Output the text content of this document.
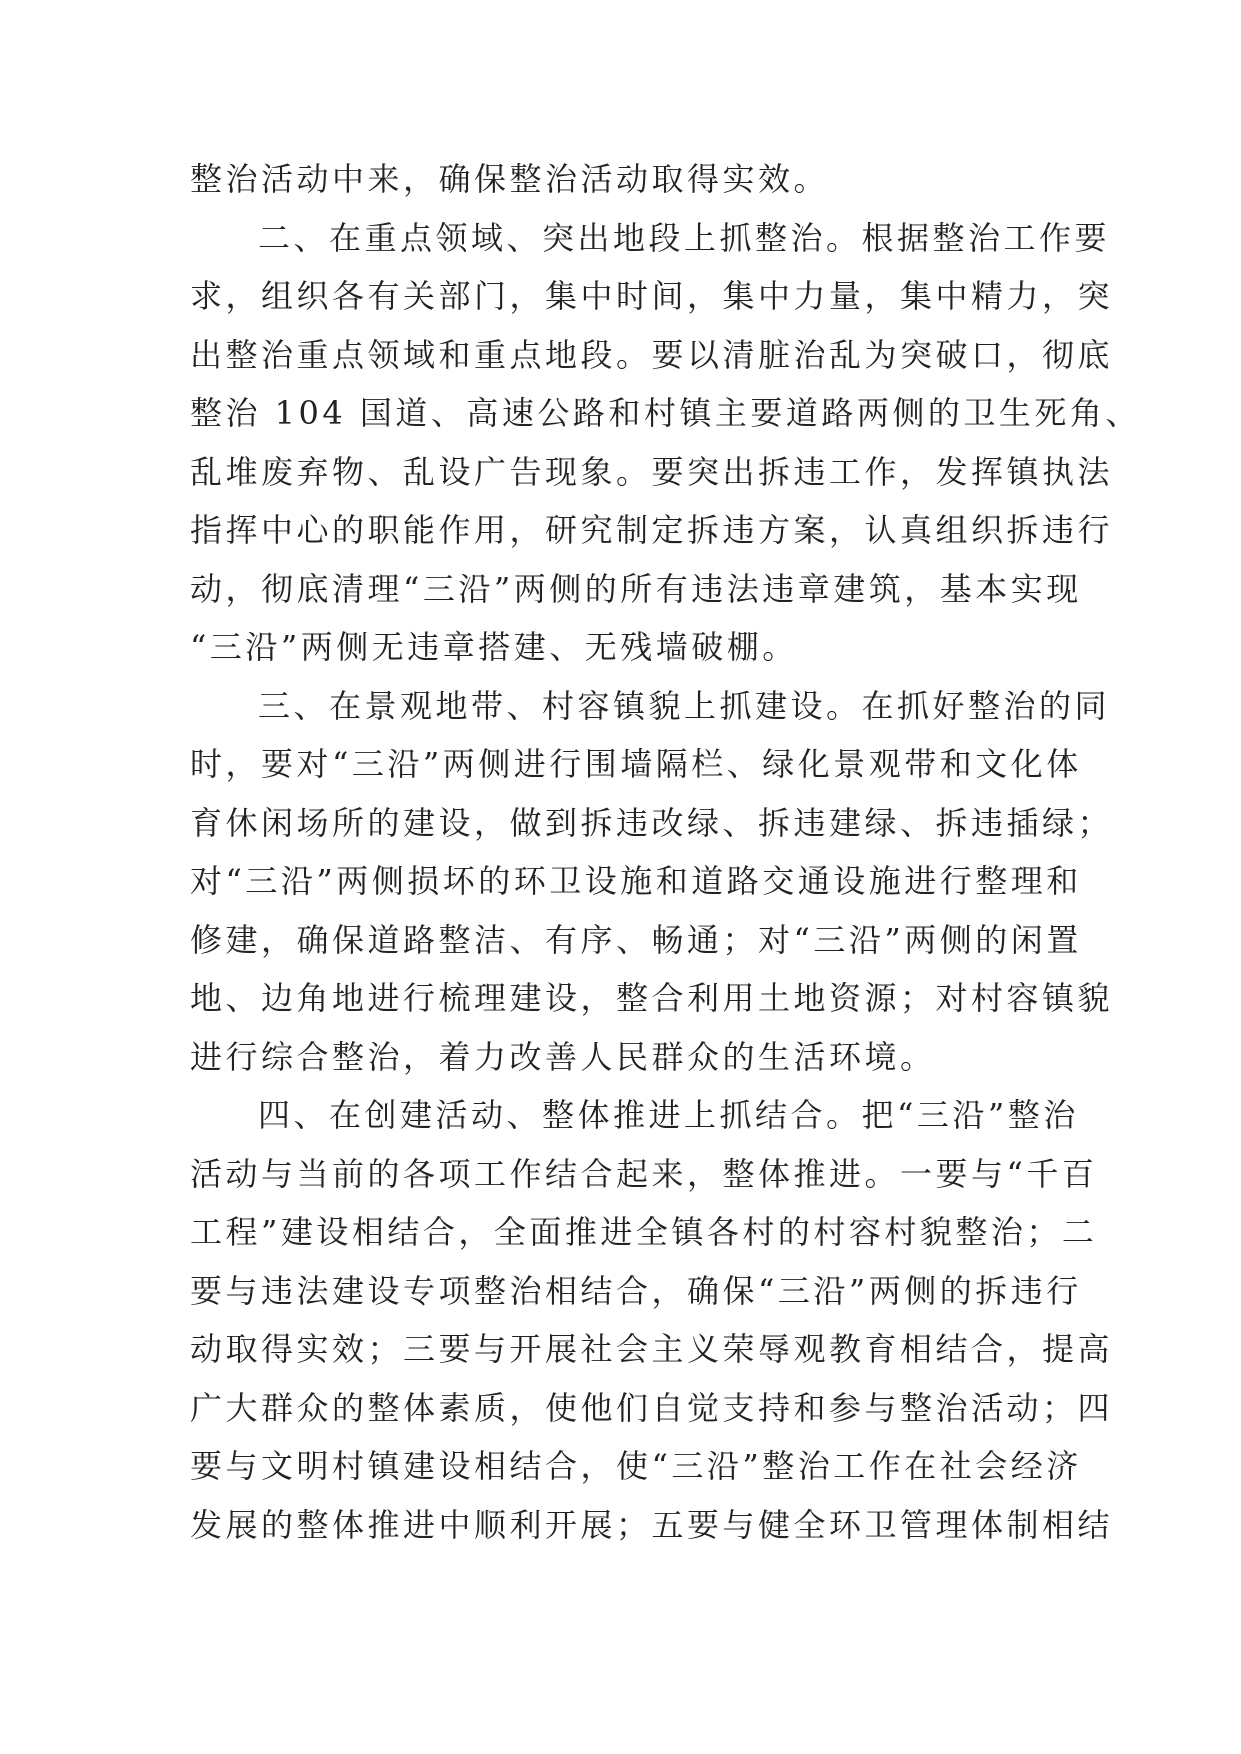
整治活动中来，确保整治活动取得实效。
二、在重点领域、突出地段上抓整治。根据整治工作要
求，组织各有关部门，集中时间，集中力量，集中精力，突
出整治重点领域和重点地段。要以清脏治乱为突破口，彻底
整治 104 国道、高速公路和村镇主要道路两侧的卫生死角、
乱堆废弃物、乱设广告现象。要突出拆违工作，发挥镇执法
指挥中心的职能作用，研究制定拆违方案，认真组织拆违行
动，彻底清理“三沿”两侧的所有违法违章建筑，基本实现
“三沿”两侧无违章搭建、无残墙破棚。
三、在景观地带、村容镇貌上抓建设。在抓好整治的同
时，要对“三沿”两侧进行围墙隔栏、绿化景观带和文化体
育休闲场所的建设，做到拆违改绿、拆违建绿、拆违插绿；
对“三沿”两侧损坏的环卫设施和道路交通设施进行整理和
修建，确保道路整洁、有序、畅通；对“三沿”两侧的闲置
地、边角地进行梳理建设，整合利用土地资源；对村容镇貌
进行综合整治，着力改善人民群众的生活环境。
四、在创建活动、整体推进上抓结合。把“三沿”整治
活动与当前的各项工作结合起来，整体推进。一要与“千百
工程”建设相结合，全面推进全镇各村的村容村貌整治；二
要与违法建设专项整治相结合，确保“三沿”两侧的拆违行
动取得实效；三要与开展社会主义荣辱观教育相结合，提高
广大群众的整体素质，使他们自觉支持和参与整治活动；四
要与文明村镇建设相结合，使“三沿”整治工作在社会经济
发展的整体推进中顺利开展；五要与健全环卫管理体制相结
